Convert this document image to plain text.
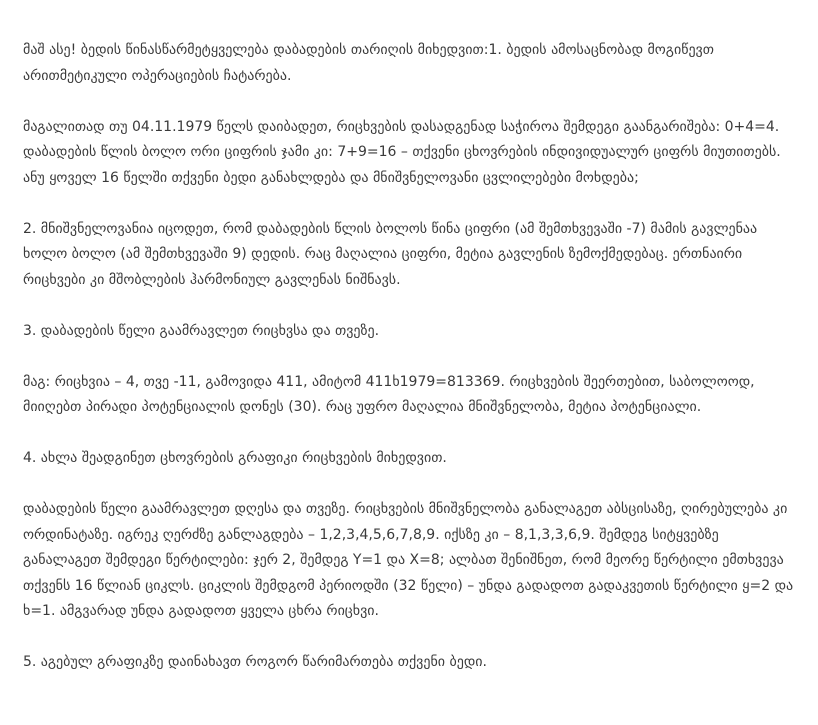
მაშ ასე! ბედის წინასწარმეტყველება დაბადების თარიღის მიხედვით:1. ბედის ამოსაცნობად მოგიწევთ არითმეტიკული ოპერაციების ჩატარება.

მაგალითად თუ 04.11.1979 წელს დაიბადეთ, რიცხვების დასადგენად საჭიროა შემდეგი გაანგარიშება: 0+4=4. დაბადების წლის ბოლო ორი ციფრის ჯამი კი: 7+9=16 – თქვენი ცხოვრების ინდივიდუალურ ციფრს მიუთითებს. ანუ ყოველ 16 წელში თქვენი ბედი განახლდება და მნიშვნელოვანი ცვლილებები მოხდება;

2. მნიშვნელოვანია იცოდეთ, რომ დაბადების წლის ბოლოს წინა ციფრი (ამ შემთხვევაში -7) მამის გავლენაა ხოლო ბოლო (ამ შემთხვევაში 9) დედის. რაც მაღალია ციფრი, მეტია გავლენის ზემოქმედებაც. ერთნაირი რიცხვები კი მშობლების ჰარმონიულ გავლენას ნიშნავს.

3. დაბადების წელი გაამრავლეთ რიცხვსა და თვეზე.

მაგ: რიცხვია – 4, თვე -11, გამოვიდა 411, ამიტომ 411ხ1979=813369. რიცხვების შეერთებით, საბოლოოდ, მიიღებთ პირადი პოტენციალის დონეს (30). რაც უფრო მაღალია მნიშვნელობა, მეტია პოტენციალი.

4. ახლა შეადგინეთ ცხოვრების გრაფიკი რიცხვების მიხედვით.

დაბადების წელი გაამრავლეთ დღესა და თვეზე. რიცხვების მნიშვნელობა განალაგეთ აბსცისაზე, ღირებულება კი ორდინატაზე. იგრეკ ღერძზე განლაგდება – 1,2,3,4,5,6,7,8,9. იქსზე კი – 8,1,3,3,6,9. შემდეგ სიტყვებზე განალაგეთ შემდეგი წერტილები: ჯერ 2, შემდეგ Y=1 და X=8; ალბათ შენიშნეთ, რომ მეორე წერტილი ემთხვევა თქვენს 16 წლიან ციკლს. ციკლის შემდგომ პერიოდში (32 წელი) – უნდა გადადოთ გადაკვეთის წერტილი ყ=2 და ხ=1. ამგვარად უნდა გადადოთ ყველა ცხრა რიცხვი.

5. აგებულ გრაფიკზე დაინახავთ როგორ წარიმართება თქვენი ბედი.
